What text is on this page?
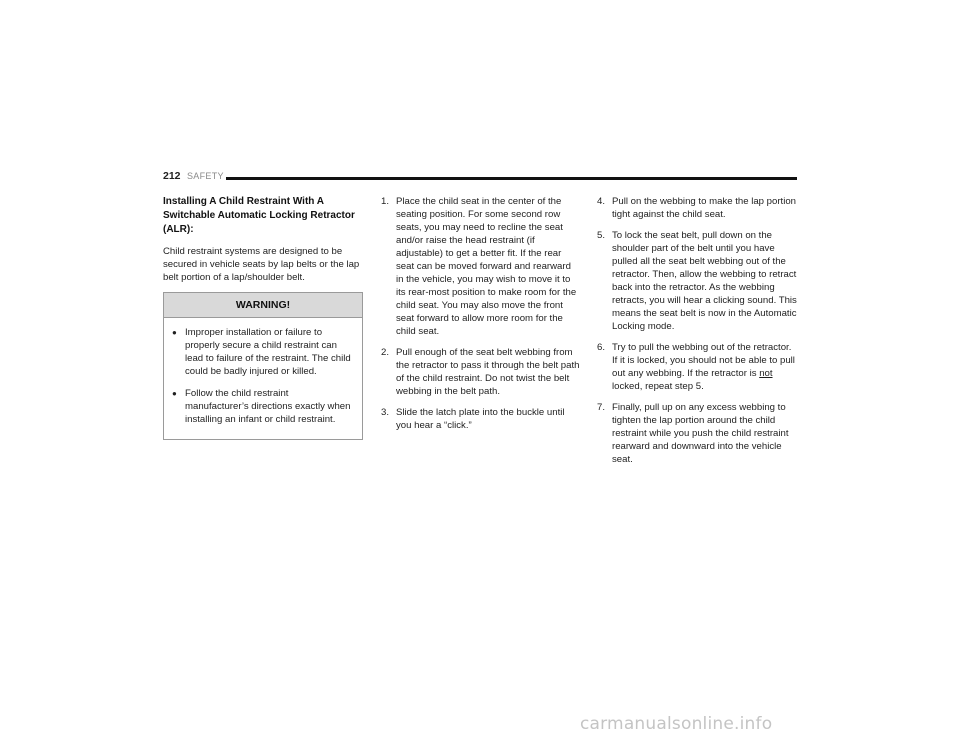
212 SAFETY
Installing A Child Restraint With A Switchable Automatic Locking Retractor (ALR):
Child restraint systems are designed to be secured in vehicle seats by lap belts or the lap belt portion of a lap/shoulder belt.
WARNING!
● Improper installation or failure to properly secure a child restraint can lead to failure of the restraint. The child could be badly injured or killed.
● Follow the child restraint manufacturer’s directions exactly when installing an infant or child restraint.
1. Place the child seat in the center of the seating position. For some second row seats, you may need to recline the seat and/or raise the head restraint (if adjustable) to get a better fit. If the rear seat can be moved forward and rearward in the vehicle, you may wish to move it to its rear-most position to make room for the child seat. You may also move the front seat forward to allow more room for the child seat.
2. Pull enough of the seat belt webbing from the retractor to pass it through the belt path of the child restraint. Do not twist the belt webbing in the belt path.
3. Slide the latch plate into the buckle until you hear a “click.”
4. Pull on the webbing to make the lap portion tight against the child seat.
5. To lock the seat belt, pull down on the shoulder part of the belt until you have pulled all the seat belt webbing out of the retractor. Then, allow the webbing to retract back into the retractor. As the webbing retracts, you will hear a clicking sound. This means the seat belt is now in the Automatic Locking mode.
6. Try to pull the webbing out of the retractor. If it is locked, you should not be able to pull out any webbing. If the retractor is not locked, repeat step 5.
7. Finally, pull up on any excess webbing to tighten the lap portion around the child restraint while you push the child restraint rearward and downward into the vehicle seat.
carmanualsonline.info
